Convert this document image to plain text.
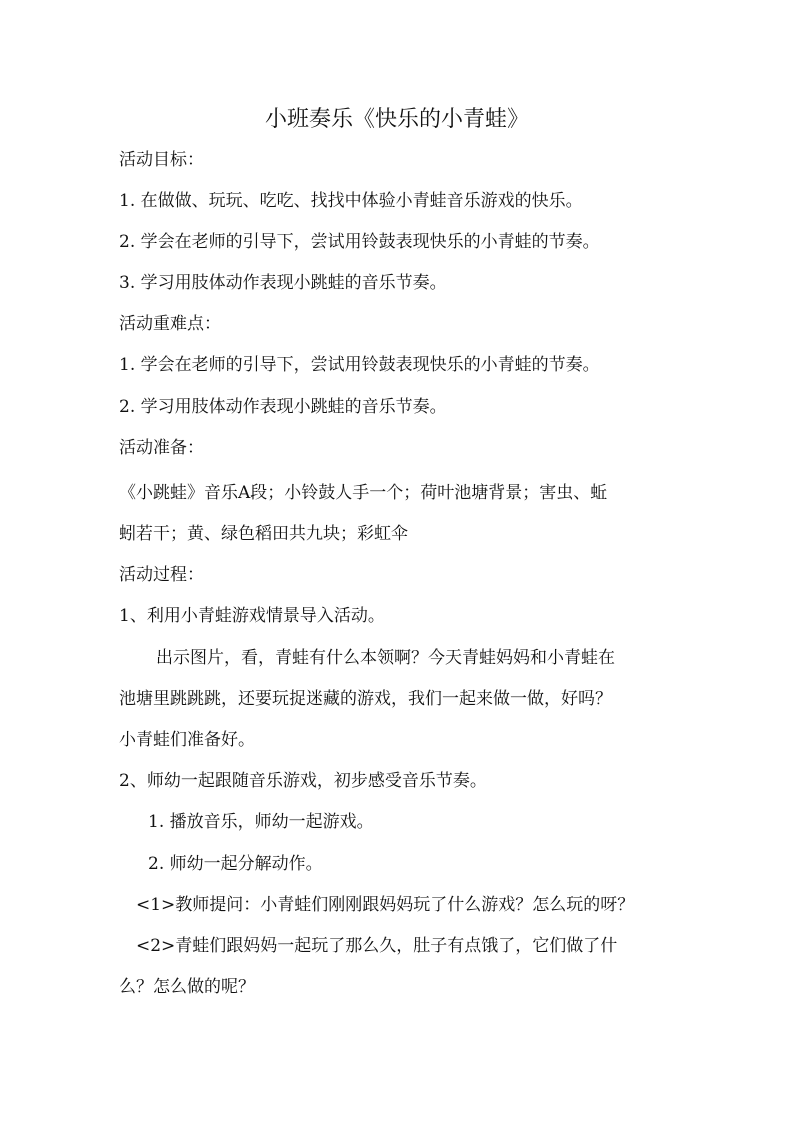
小班奏乐《快乐的小青蛙》
活动目标：
1. 在做做、玩玩、吃吃、找找中体验小青蛙音乐游戏的快乐。
2. 学会在老师的引导下，尝试用铃鼓表现快乐的小青蛙的节奏。
3. 学习用肢体动作表现小跳蛙的音乐节奏。
活动重难点：
1. 学会在老师的引导下，尝试用铃鼓表现快乐的小青蛙的节奏。
2. 学习用肢体动作表现小跳蛙的音乐节奏。
活动准备：
《小跳蛙》音乐A段；小铃鼓人手一个；荷叶池塘背景；害虫、蚯
蚓若干；黄、绿色稻田共九块；彩虹伞
活动过程：
1、利用小青蛙游戏情景导入活动。
出示图片，看，青蛙有什么本领啊？今天青蛙妈妈和小青蛙在
池塘里跳跳跳，还要玩捉迷藏的游戏，我们一起来做一做，好吗？
小青蛙们准备好。
2、师幼一起跟随音乐游戏，初步感受音乐节奏。
1. 播放音乐，师幼一起游戏。
2. 师幼一起分解动作。
<1>教师提问：小青蛙们刚刚跟妈妈玩了什么游戏？怎么玩的呀？
<2>青蛙们跟妈妈一起玩了那么久，肚子有点饿了，它们做了什
么？怎么做的呢？
